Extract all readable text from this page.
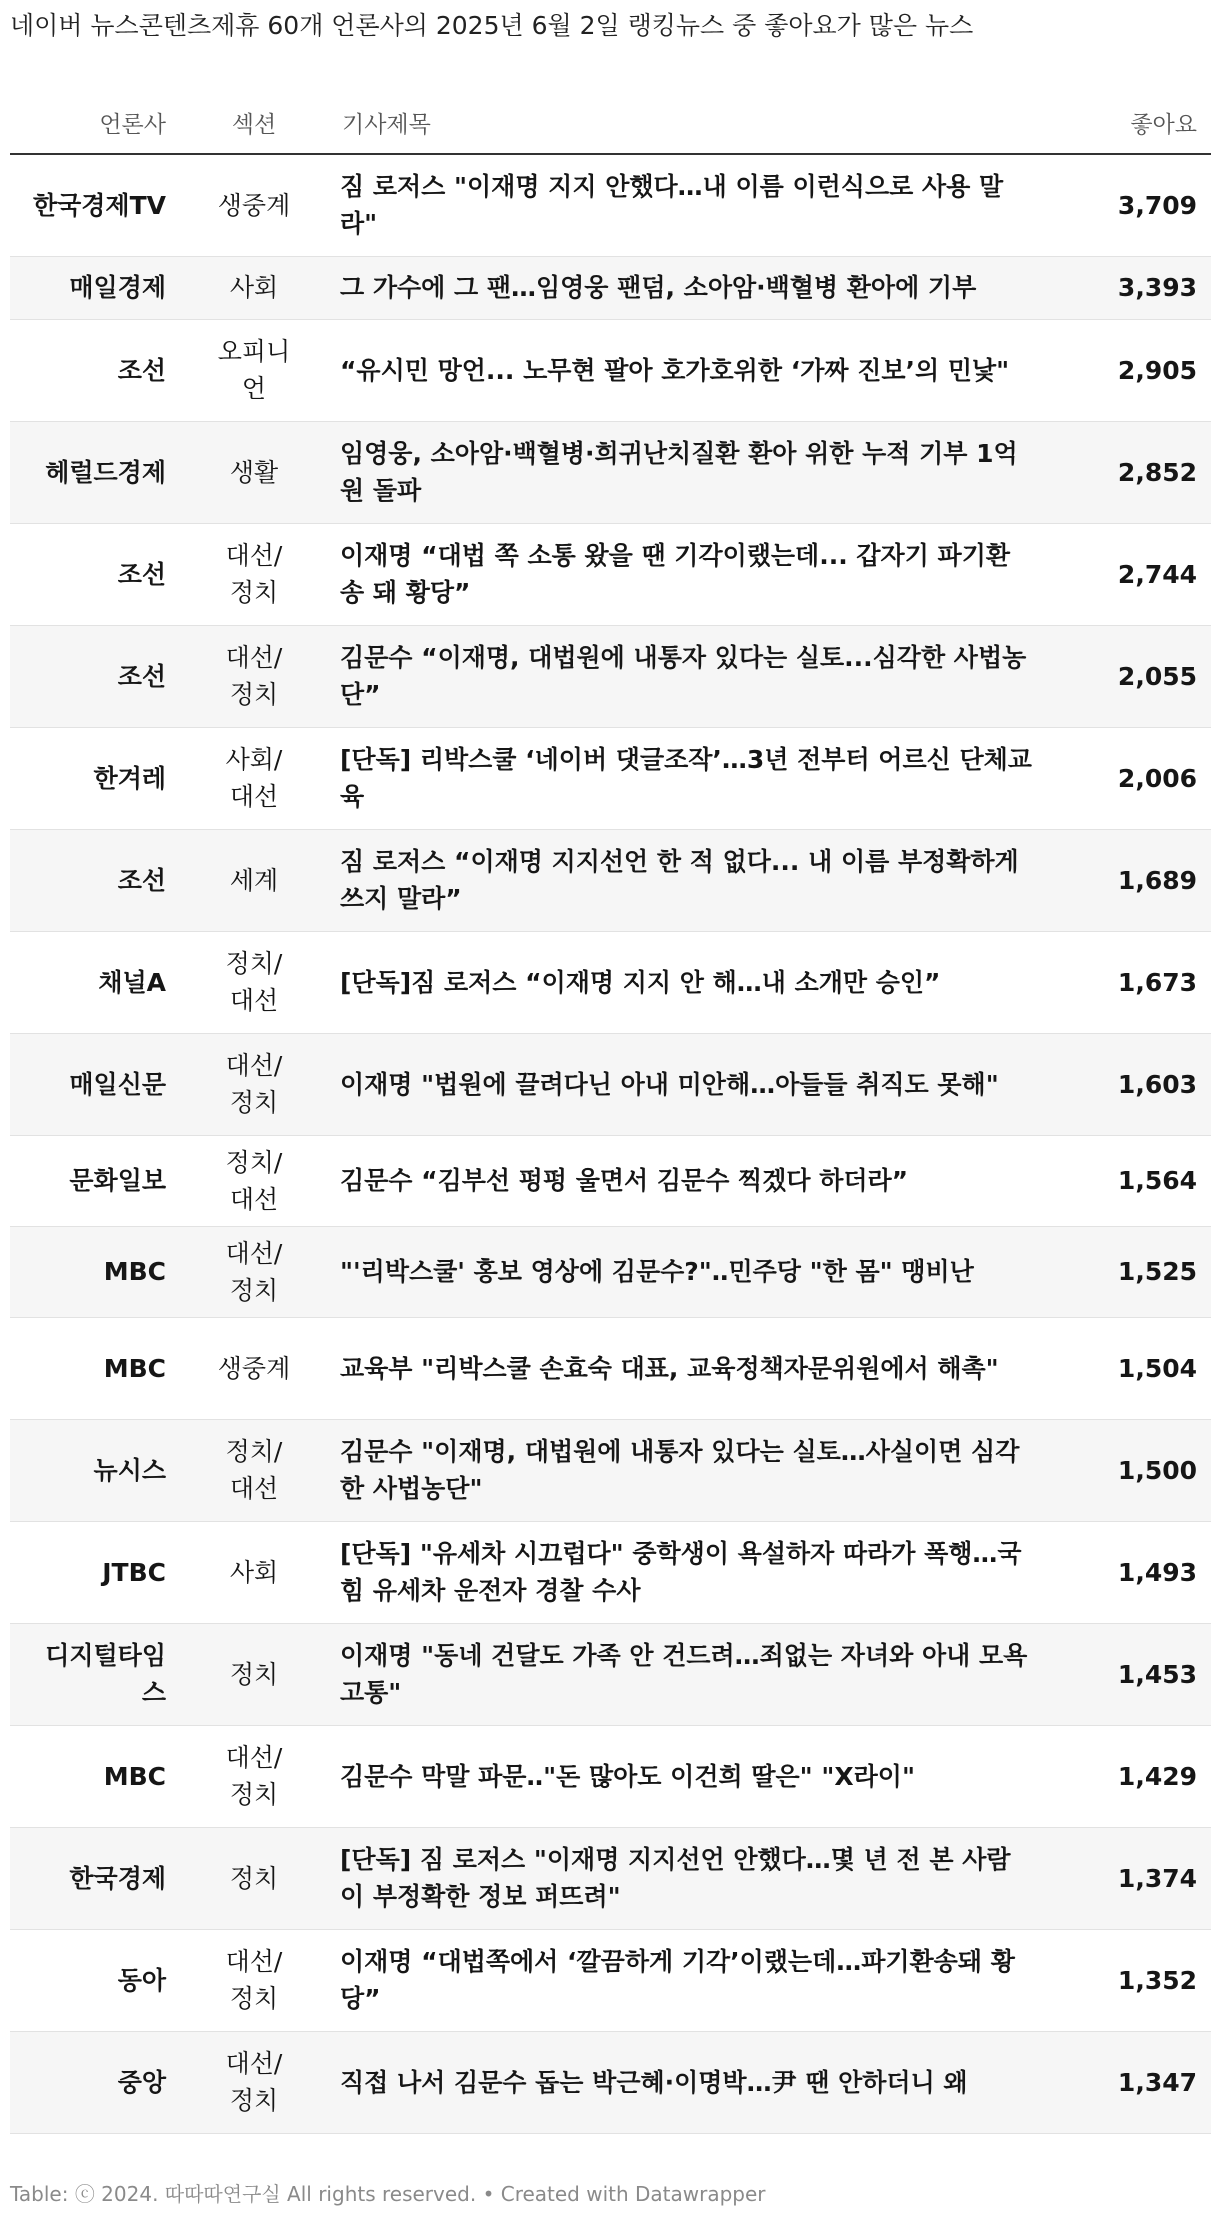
네이버 뉴스콘텐츠제휴 60개 언론사의 2025년 6월 2일 랭킹뉴스 중 좋아요가 많은 뉴스
언론사	섹션	기사제목	좋아요
한국경제TV	생중계	짐 로저스 "이재명 지지 안했다…내 이름 이런식으로 사용 말라"	3,709
매일경제	사회	그 가수에 그 팬…임영웅 팬덤, 소아암·백혈병 환아에 기부	3,393
조선	오피니언	“유시민 망언... 노무현 팔아 호가호위한 ‘가짜 진보’의 민낯"	2,905
헤럴드경제	생활	임영웅, 소아암·백혈병·희귀난치질환 환아 위한 누적 기부 1억원 돌파	2,852
조선	대선/정치	이재명 “대법 쪽 소통 왔을 땐 기각이랬는데... 갑자기 파기환송 돼 황당”	2,744
조선	대선/정치	김문수 “이재명, 대법원에 내통자 있다는 실토...심각한 사법농단”	2,055
한겨레	사회/대선	[단독] 리박스쿨 ‘네이버 댓글조작’…3년 전부터 어르신 단체교육	2,006
조선	세계	짐 로저스 “이재명 지지선언 한 적 없다... 내 이름 부정확하게 쓰지 말라”	1,689
채널A	정치/대선	[단독]짐 로저스 “이재명 지지 안 해…내 소개만 승인”	1,673
매일신문	대선/정치	이재명 "법원에 끌려다닌 아내 미안해…아들들 취직도 못해"	1,603
문화일보	정치/대선	김문수 “김부선 펑펑 울면서 김문수 찍겠다 하더라”	1,564
MBC	대선/정치	"'리박스쿨' 홍보 영상에 김문수?"‥민주당 "한 몸" 맹비난	1,525
MBC	생중계	교육부 "리박스쿨 손효숙 대표, 교육정책자문위원에서 해촉"	1,504
뉴시스	정치/대선	김문수 "이재명, 대법원에 내통자 있다는 실토…사실이면 심각한 사법농단"	1,500
JTBC	사회	[단독] "유세차 시끄럽다" 중학생이 욕설하자 따라가 폭행…국힘 유세차 운전자 경찰 수사	1,493
디지털타임스	정치	이재명 "동네 건달도 가족 안 건드려…죄없는 자녀와 아내 모욕 고통"	1,453
MBC	대선/정치	김문수 막말 파문‥"돈 많아도 이건희 딸은" "X라이"	1,429
한국경제	정치	[단독] 짐 로저스 "이재명 지지선언 안했다…몇 년 전 본 사람이 부정확한 정보 퍼뜨려"	1,374
동아	대선/정치	이재명 “대법쪽에서 ‘깔끔하게 기각’이랬는데…파기환송돼 황당”	1,352
중앙	대선/정치	직접 나서 김문수 돕는 박근혜·이명박…尹 땐 안하더니 왜	1,347
Table: ⓒ 2024. 따따따연구실 All rights reserved. • Created with Datawrapper
